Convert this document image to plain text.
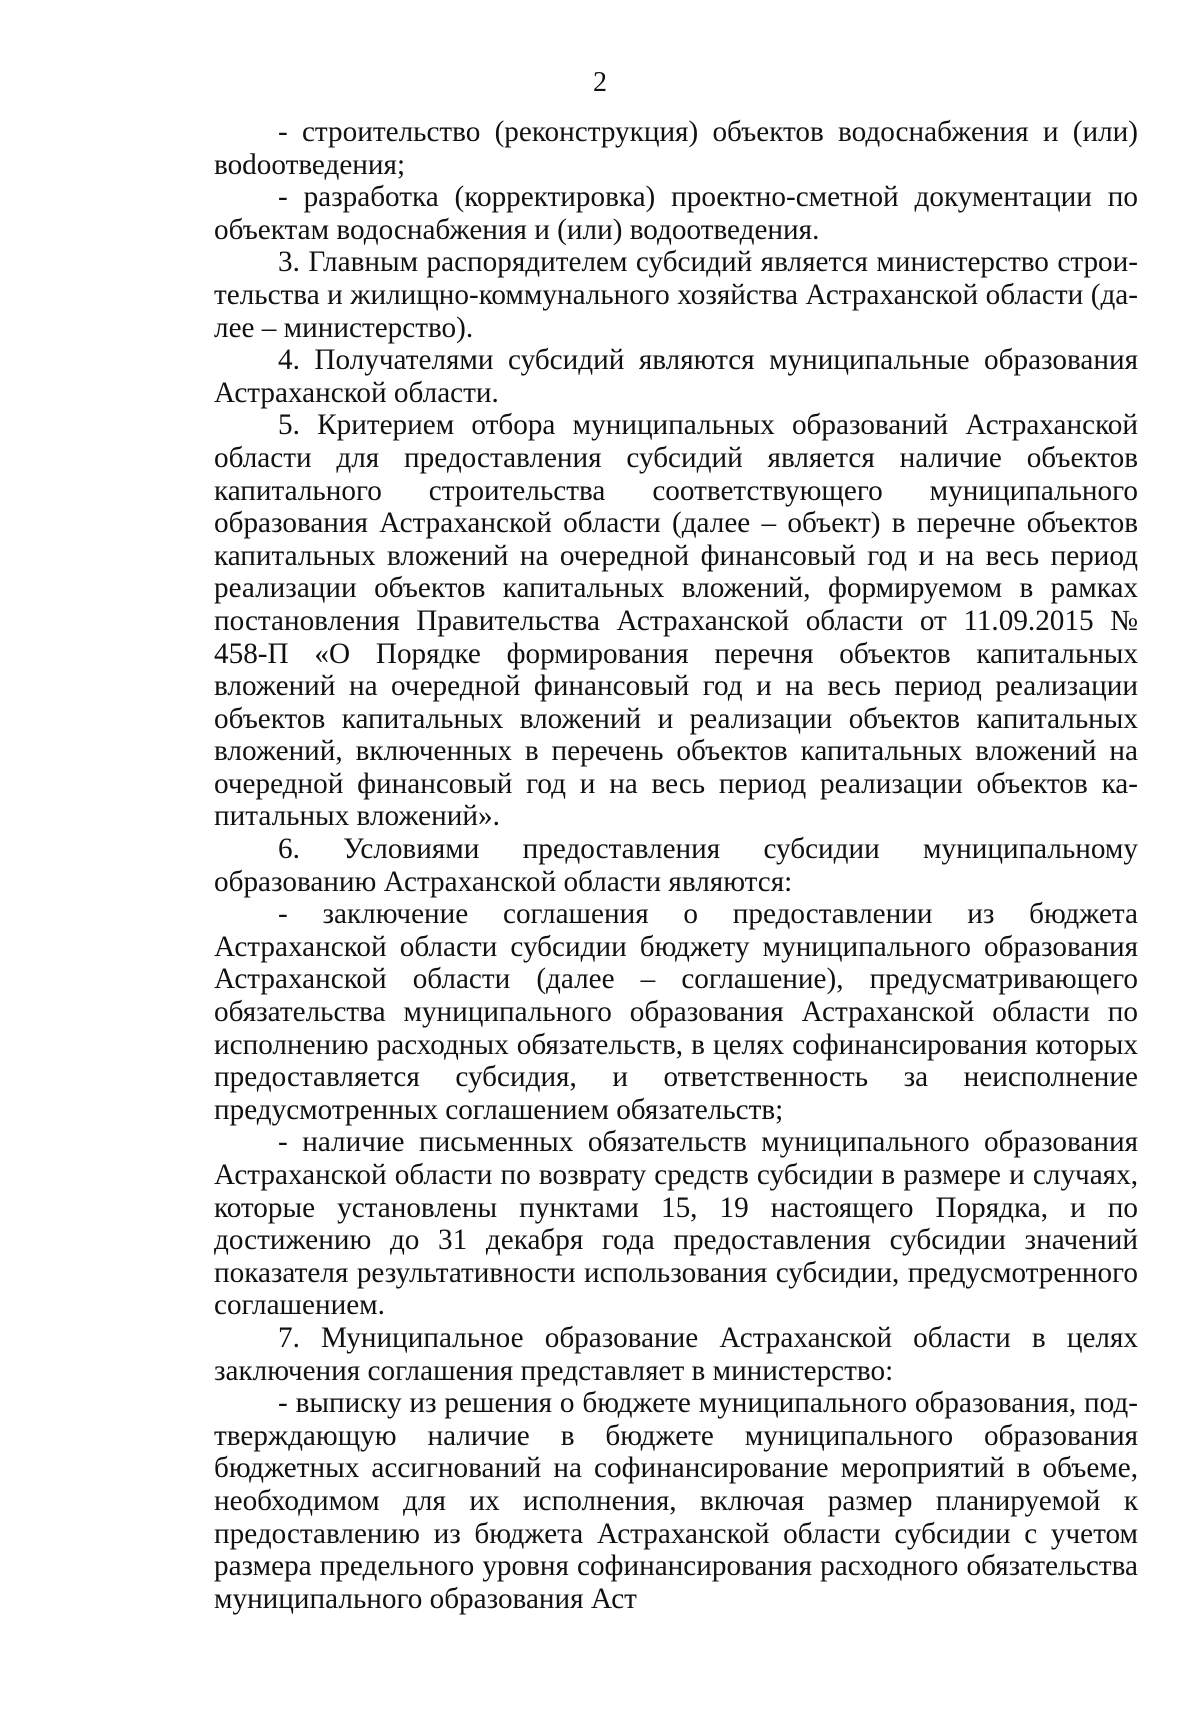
2

- строительство (реконструкция) объектов водоснабжения и (или) воdоотведения;

- разработка (корректировка) проектно-сметной документации по объектам водоснабжения и (или) водоотведения.

3. Главным распорядителем субсидий является министерство строительства и жилищно-коммунального хозяйства Астраханской области (далее – министерство).

4. Получателями субсидий являются муниципальные образования Астраханской области.

5. Критерием отбора муниципальных образований Астраханской области для предоставления субсидий является наличие объектов капитального строительства соответствующего муниципального образования Астраханской области (далее – объект) в перечне объектов капитальных вложений на очередной финансовый год и на весь период реализации объектов капитальных вложений, формируемом в рамках постановления Правительства Астраханской области от 11.09.2015 № 458-П «О Порядке формирования перечня объектов капитальных вложений на очередной финансовый год и на весь период реализации объектов капитальных вложений и реализации объектов капитальных вложений, включенных в перечень объектов капитальных вложений на очередной финансовый год и на весь период реализации объектов капитальных вложений».

6. Условиями предоставления субсидии муниципальному образованию Астраханской области являются:

- заключение соглашения о предоставлении из бюджета Астраханской области субсидии бюджету муниципального образования Астраханской области (далее – соглашение), предусматривающего обязательства муниципального образования Астраханской области по исполнению расходных обязательств, в целях софинансирования которых предоставляется субсидия, и ответственность за неисполнение предусмотренных соглашением обязательств;

- наличие письменных обязательств муниципального образования Астраханской области по возврату средств субсидии в размере и случаях, которые установлены пунктами 15, 19 настоящего Порядка, и по достижению до 31 декабря года предоставления субсидии значений показателя результативности использования субсидии, предусмотренного соглашением.

7. Муниципальное образование Астраханской области в целях заключения соглашения представляет в министерство:

- выписку из решения о бюджете муниципального образования, подтверждающую наличие в бюджете муниципального образования бюджетных ассигнований на софинансирование мероприятий в объеме, необходимом для их исполнения, включая размер планируемой к предоставлению из бюджета Астраханской области субсидии с учетом размера предельного уровня софинансирования расходного обязательства муниципального образования Аст
